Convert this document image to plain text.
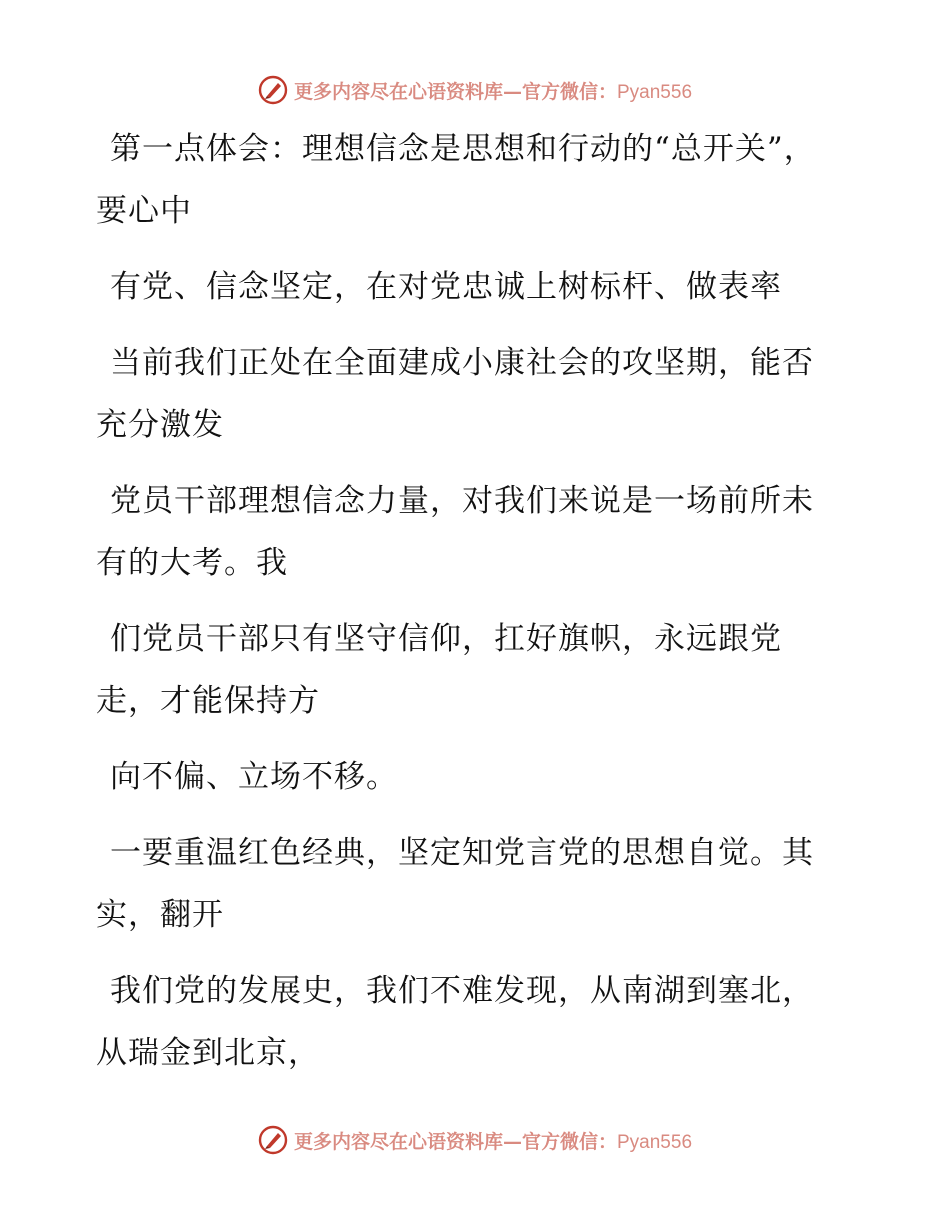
更多内容尽在心语资料库—官方微信：Pyan556

第一点体会：理想信念是思想和行动的“总开关”，要心中

有党、信念坚定，在对党忠诚上树标杆、做表率

当前我们正处在全面建成小康社会的攻坚期，能否充分激发

党员干部理想信念力量，对我们来说是一场前所未有的大考。我

们党员干部只有坚守信仰，扛好旗帜，永远跟党走，才能保持方

向不偏、立场不移。

一要重温红色经典，坚定知党言党的思想自觉。其实，翻开

我们党的发展史，我们不难发现，从南湖到塞北，从瑞金到北京，

更多内容尽在心语资料库—官方微信：Pyan556
